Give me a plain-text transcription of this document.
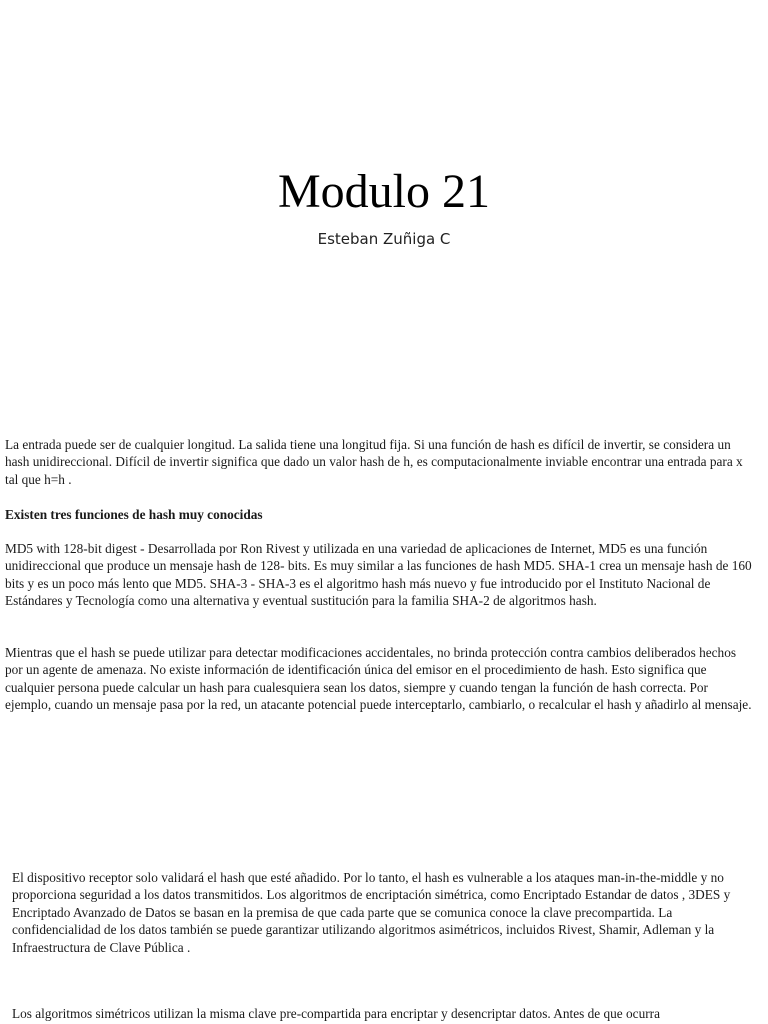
Modulo 21
Esteban Zuñiga C

La entrada puede ser de cualquier longitud. La salida tiene una longitud fija. Si una función de hash es difícil de invertir, se considera un hash unidireccional. Difícil de invertir significa que dado un valor hash de h, es computacionalmente inviable encontrar una entrada para x tal que h=h .

Existen tres funciones de hash muy conocidas

MD5 with 128-bit digest - Desarrollada por Ron Rivest y utilizada en una variedad de aplicaciones de Internet, MD5 es una función unidireccional que produce un mensaje hash de 128- bits. Es muy similar a las funciones de hash MD5. SHA-1 crea un mensaje hash de 160 bits y es un poco más lento que MD5. SHA-3 - SHA-3 es el algoritmo hash más nuevo y fue introducido por el Instituto Nacional de Estándares y Tecnología como una alternativa y eventual sustitución para la familia SHA-2 de algoritmos hash.

Mientras que el hash se puede utilizar para detectar modificaciones accidentales, no brinda protección contra cambios deliberados hechos por un agente de amenaza. No existe información de identificación única del emisor en el procedimiento de hash. Esto significa que cualquier persona puede calcular un hash para cualesquiera sean los datos, siempre y cuando tengan la función de hash correcta. Por ejemplo, cuando un mensaje pasa por la red, un atacante potencial puede interceptarlo, cambiarlo, o recalcular el hash y añadirlo al mensaje.

El dispositivo receptor solo validará el hash que esté añadido. Por lo tanto, el hash es vulnerable a los ataques man-in-the-middle y no proporciona seguridad a los datos transmitidos. Los algoritmos de encriptación simétrica, como Encriptado Estandar de datos , 3DES y Encriptado Avanzado de Datos se basan en la premisa de que cada parte que se comunica conoce la clave precompartida. La confidencialidad de los datos también se puede garantizar utilizando algoritmos asimétricos, incluidos Rivest, Shamir, Adleman y la Infraestructura de Clave Pública .

Los algoritmos simétricos utilizan la misma clave pre-compartida para encriptar y desencriptar datos. Antes de que ocurra
